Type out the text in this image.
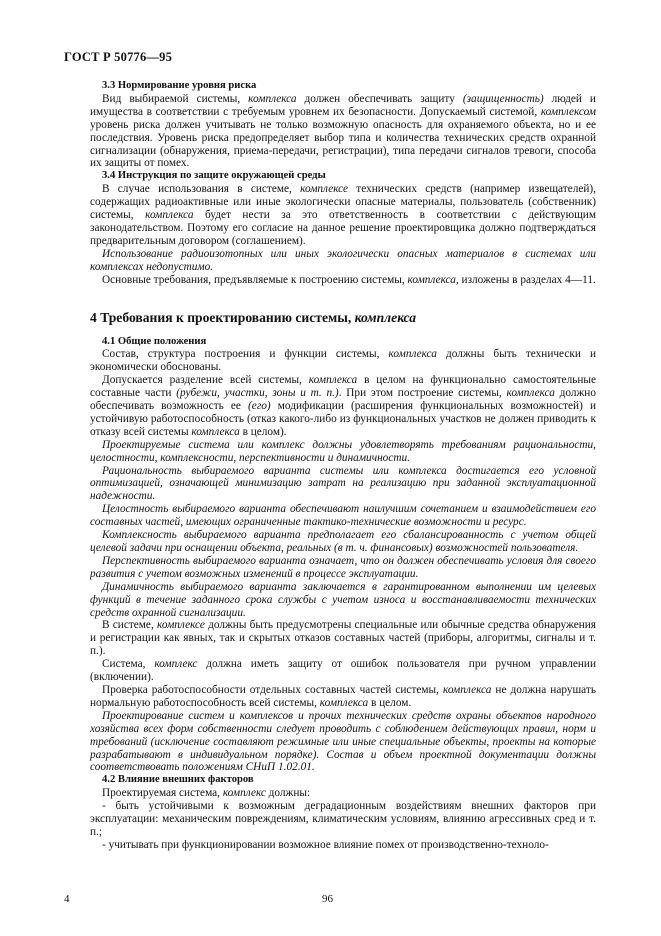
ГОСТ Р 50776—95
3.3 Нормирование уровня риска

Вид выбираемой системы, комплекса должен обеспечивать защиту (защищенность) людей и имущества в соответствии с требуемым уровнем их безопасности. Допускаемый системой, комплексом уровень риска должен учитывать не только возможную опасность для охраняемого объекта, но и ее последствия. Уровень риска предопределяет выбор типа и количества технических средств охранной сигнализации (обнаружения, приема-передачи, регистрации), типа передачи сигналов тревоги, способа их защиты от помех.

3.4 Инструкция по защите окружающей среды

В случае использования в системе, комплексе технических средств (например извещателей), содержащих радиоактивные или иные экологически опасные материалы, пользователь (собственник) системы, комплекса будет нести за это ответственность в соответствии с действующим законодательством. Поэтому его согласие на данное решение проектировщика должно подтверждаться предварительным договором (соглашением).

Использование радиоизотопных или иных экологически опасных материалов в системах или комплексах недопустимо.

Основные требования, предъявляемые к построению системы, комплекса, изложены в разделах 4—11.

4 Требования к проектированию системы, комплекса
4.1 Общие положения

Состав, структура построения и функции системы, комплекса должны быть технически и экономически обоснованы.

Допускается разделение всей системы, комплекса в целом на функционально самостоятельные составные части (рубежи, участки, зоны и т. п.). При этом построение системы, комплекса должно обеспечивать возможность ее (его) модификации (расширения функциональных возможностей) и устойчивую работоспособность (отказ какого-либо из функциональных участков не должен приводить к отказу всей системы комплекса в целом).

Проектируемые система или комплекс должны удовлетворять требованиям рациональности, целостности, комплексности, перспективности и динамичности.

Рациональность выбираемого варианта системы или комплекса достигается его условной оптимизацией, означающей минимизацию затрат на реализацию при заданной эксплуатационной надежности.

Целостность выбираемого варианта обеспечивают наилучшим сочетанием и взаимодействием его составных частей, имеющих ограниченные тактико-технические возможности и ресурс.

Комплексность выбираемого варианта предполагает его сбалансированность с учетом общей целевой задачи при оснащении объекта, реальных (в т. ч. финансовых) возможностей пользователя.

Перспективность выбираемого варианта означает, что он должен обеспечивать условия для своего развития с учетом возможных изменений в процессе эксплуатации.

Динамичность выбираемого варианта заключается в гарантированном выполнении им целевых функций в течение заданного срока службы с учетом износа и восстанавливаемости технических средств охранной сигнализации.

В системе, комплексе должны быть предусмотрены специальные или обычные средства обнаружения и регистрации как явных, так и скрытых отказов составных частей (приборы, алгоритмы, сигналы и т. п.).

Система, комплекс должна иметь защиту от ошибок пользователя при ручном управлении (включении).

Проверка работоспособности отдельных составных частей системы, комплекса не должна нарушать нормальную работоспособность всей системы, комплекса в целом.

Проектирование систем и комплексов и прочих технических средств охраны объектов народного хозяйства всех форм собственности следует проводить с соблюдением действующих правил, норм и требований (исключение составляют режимные или иные специальные объекты, проекты на которые разрабатывают в индивидуальном порядке). Состав и объем проектной документации должны соответствовать положениям СНиП 1.02.01.

4.2 Влияние внешних факторов

Проектируемая система, комплекс должны:

- быть устойчивыми к возможным деградационным воздействиям внешних факторов при эксплуатации: механическим повреждениям, климатическим условиям, влиянию агрессивных сред и т. п.;

- учитывать при функционировании возможное влияние помех от производственно-техноло-

4	96
